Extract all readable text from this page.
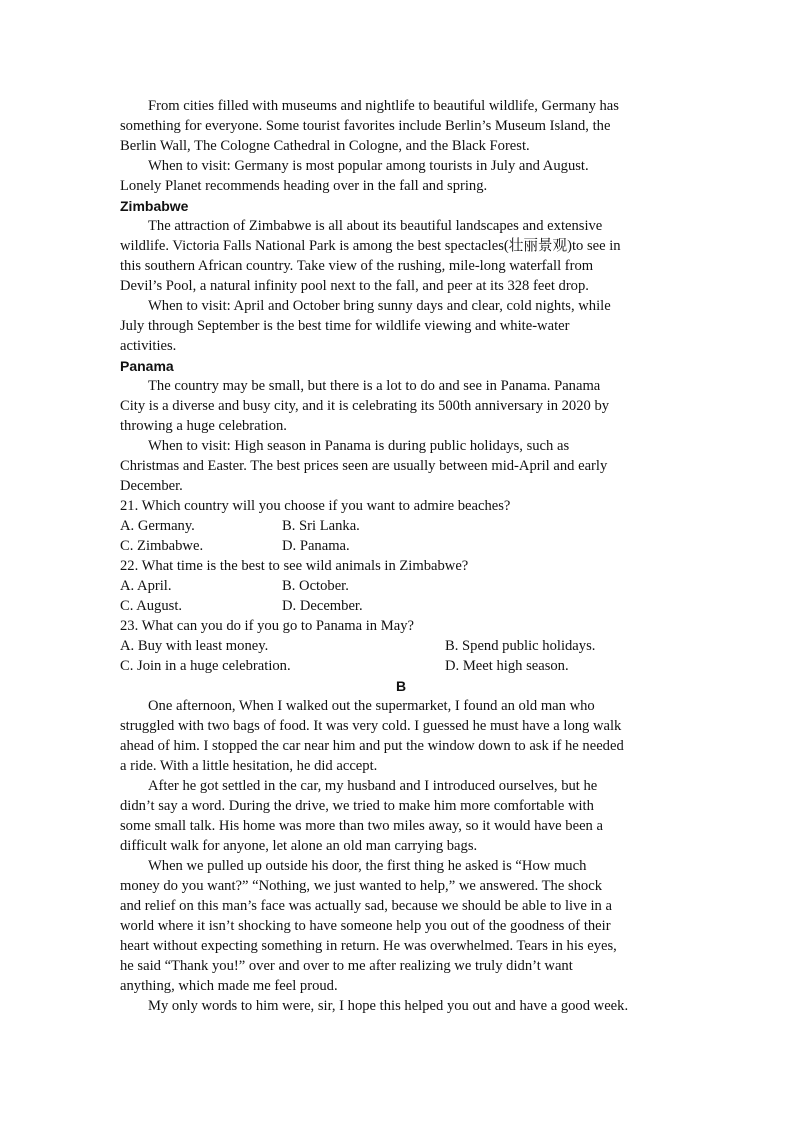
From cities filled with museums and nightlife to beautiful wildlife, Germany has
something for everyone. Some tourist favorites include Berlin’s Museum Island, the
Berlin Wall, The Cologne Cathedral in Cologne, and the Black Forest.
When to visit: Germany is most popular among tourists in July and August.
Lonely Planet recommends heading over in the fall and spring.
Zimbabwe
The attraction of Zimbabwe is all about its beautiful landscapes and extensive
wildlife. Victoria Falls National Park is among the best spectacles(壮丽景观)to see in
this southern African country. Take view of the rushing, mile-long waterfall from
Devil’s Pool, a natural infinity pool next to the fall, and peer at its 328 feet drop.
When to visit: April and October bring sunny days and clear, cold nights, while
July through September is the best time for wildlife viewing and white-water
activities.
Panama
The country may be small, but there is a lot to do and see in Panama. Panama
City is a diverse and busy city, and it is celebrating its 500th anniversary in 2020 by
throwing a huge celebration.
When to visit: High season in Panama is during public holidays, such as
Christmas and Easter. The best prices seen are usually between mid-April and early
December.
21. Which country will you choose if you want to admire beaches?
A. Germany.	B. Sri Lanka.
C. Zimbabwe.	D. Panama.
22. What time is the best to see wild animals in Zimbabwe?
A. April.	B. October.
C. August.	D. December.
23. What can you do if you go to Panama in May?
A. Buy with least money.	B. Spend public holidays.
C. Join in a huge celebration.	D. Meet high season.
B
One afternoon, When I walked out the supermarket, I found an old man who
struggled with two bags of food. It was very cold. I guessed he must have a long walk
ahead of him. I stopped the car near him and put the window down to ask if he needed
a ride. With a little hesitation, he did accept.
After he got settled in the car, my husband and I introduced ourselves, but he
didn’t say a word. During the drive, we tried to make him more comfortable with
some small talk. His home was more than two miles away, so it would have been a
difficult walk for anyone, let alone an old man carrying bags.
When we pulled up outside his door, the first thing he asked is “How much
money do you want?” “Nothing, we just wanted to help,” we answered. The shock
and relief on this man’s face was actually sad, because we should be able to live in a
world where it isn’t shocking to have someone help you out of the goodness of their
heart without expecting something in return. He was overwhelmed. Tears in his eyes,
he said “Thank you!” over and over to me after realizing we truly didn’t want
anything, which made me feel proud.
My only words to him were, sir, I hope this helped you out and have a good week.
